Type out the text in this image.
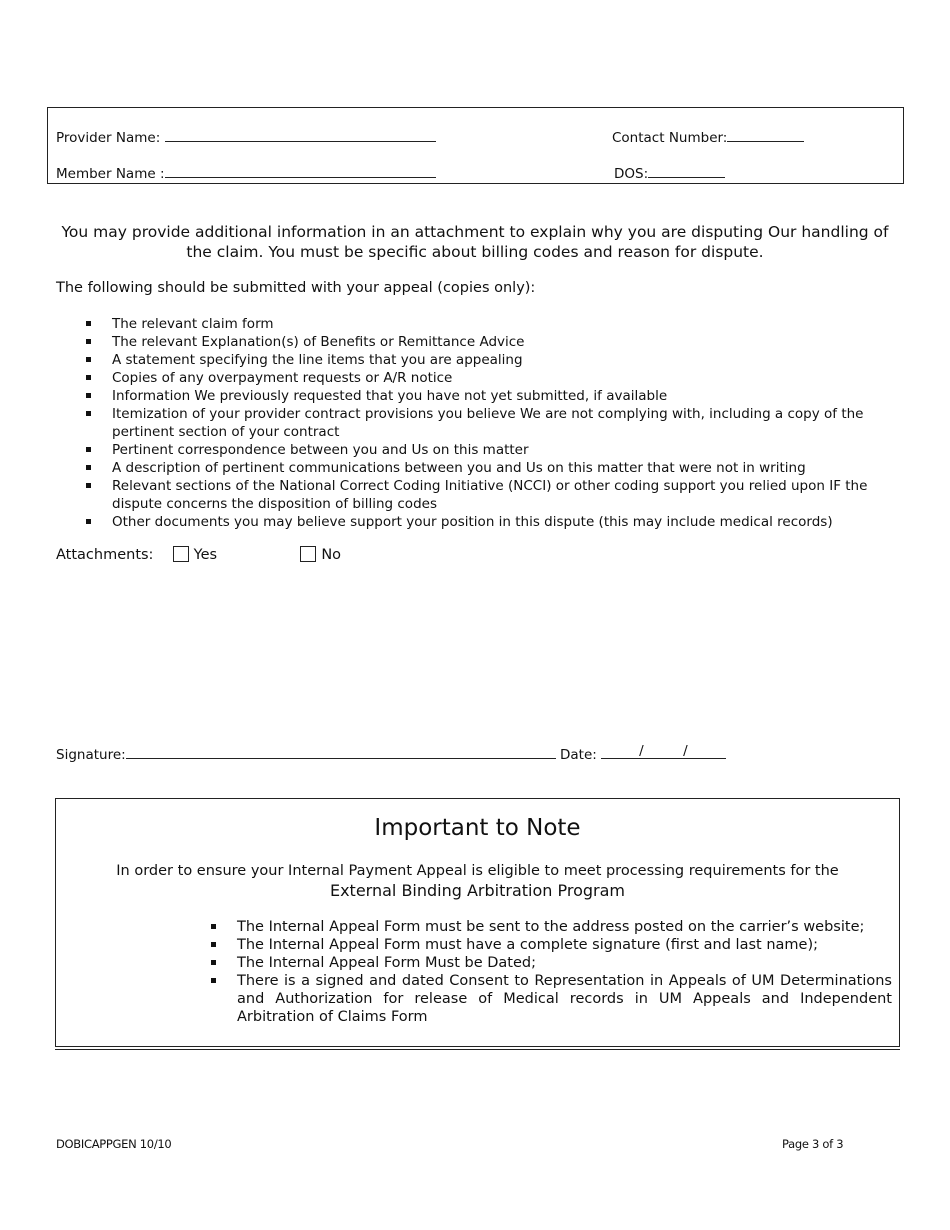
Provider Name:	Contact Number:
Member Name :	DOS:
You may provide additional information in an attachment to explain why you are disputing Our handling of the claim. You must be specific about billing codes and reason for dispute.
The following should be submitted with your appeal (copies only):
The relevant claim form
The relevant Explanation(s) of Benefits or Remittance Advice
A statement specifying the line items that you are appealing
Copies of any overpayment requests or A/R notice
Information We previously requested that you have not yet submitted, if available
Itemization of your provider contract provisions you believe We are not complying with, including a copy of the pertinent section of your contract
Pertinent correspondence between you and Us on this matter
A description of pertinent communications between you and Us on this matter that were not in writing
Relevant sections of the National Correct Coding Initiative (NCCI) or other coding support you relied upon IF the dispute concerns the disposition of billing codes
Other documents you may believe support your position in this dispute (this may include medical records)
Attachments:	Yes	No
Signature:	Date:	/	/
Important to Note
In order to ensure your Internal Payment Appeal is eligible to meet processing requirements for the
External Binding Arbitration Program
The Internal Appeal Form must be sent to the address posted on the carrier’s website;
The Internal Appeal Form must have a complete signature (first and last name);
The Internal Appeal Form Must be Dated;
There is a signed and dated Consent to Representation in Appeals of UM Determinations and Authorization for release of Medical records in UM Appeals and Independent Arbitration of Claims Form
DOBICAPPGEN 10/10	Page 3 of 3
